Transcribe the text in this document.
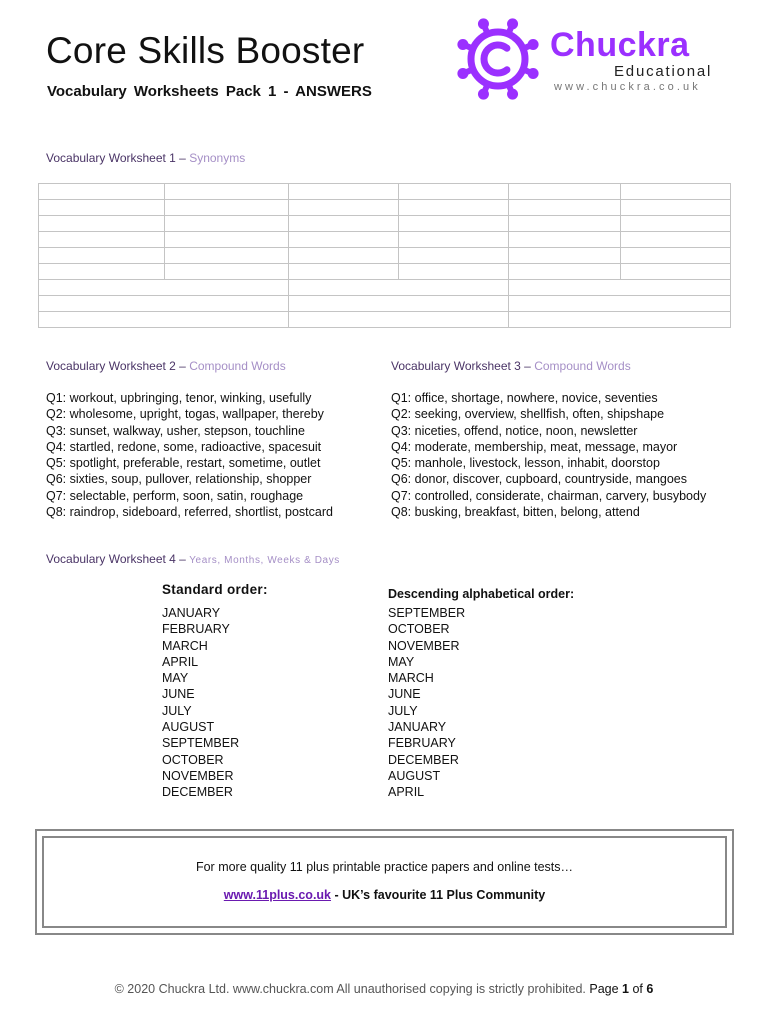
Core Skills Booster
Vocabulary Worksheets Pack 1 - ANSWERS
Chuckra
Educational
www.chuckra.co.uk
Vocabulary Worksheet 1 – Synonyms

Vocabulary Worksheet 2 – Compound Words
Q1: workout, upbringing, tenor, winking, usefully
Q2: wholesome, upright, togas, wallpaper, thereby
Q3: sunset, walkway, usher, stepson, touchline
Q4: startled, redone, some, radioactive, spacesuit
Q5: spotlight, preferable, restart, sometime, outlet
Q6: sixties, soup, pullover, relationship, shopper
Q7: selectable, perform, soon, satin, roughage
Q8: raindrop, sideboard, referred, shortlist, postcard
Vocabulary Worksheet 3 – Compound Words
Q1: office, shortage, nowhere, novice, seventies
Q2: seeking, overview, shellfish, often, shipshape
Q3: niceties, offend, notice, noon, newsletter
Q4: moderate, membership, meat, message, mayor
Q5: manhole, livestock, lesson, inhabit, doorstop
Q6: donor, discover, cupboard, countryside, mangoes
Q7: controlled, considerate, chairman, carvery, busybody
Q8: busking, breakfast, bitten, belong, attend
Vocabulary Worksheet 4 – Years, Months, Weeks & Days
Standard order:
JANUARY
FEBRUARY
MARCH
APRIL
MAY
JUNE
JULY
AUGUST
SEPTEMBER
OCTOBER
NOVEMBER
DECEMBER
Descending alphabetical order:
SEPTEMBER
OCTOBER
NOVEMBER
MAY
MARCH
JUNE
JULY
JANUARY
FEBRUARY
DECEMBER
AUGUST
APRIL
For more quality 11 plus printable practice papers and online tests…
www.11plus.co.uk - UK’s favourite 11 Plus Community
© 2020 Chuckra Ltd. www.chuckra.com All unauthorised copying is strictly prohibited. Page 1 of 6
